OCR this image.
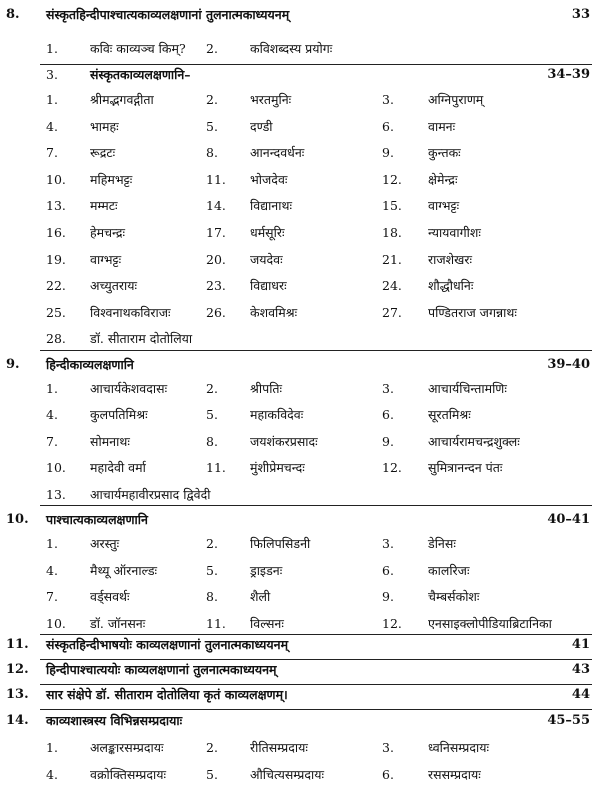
8. संस्कृतहिन्दीपाश्चात्यकाव्यलक्षणानां तुलनात्मकाध्ययनम्	33
1.	कविः काव्यञ्च किम्? 2.	कविशब्दस्य प्रयोगः
3.	संस्कृतकाव्यलक्षणानि–	34–39
1.	श्रीमद्भगवद्गीता	2.	भरतमुनिः	3.	अग्निपुराणम्
4.	भामहः	5.	दण्डी	6.	वामनः
7.	रूद्रटः	8.	आनन्दवर्धनः	9.	कुन्तकः
10. महिमभट्टः	11. भोजदेवः	12. क्षेमेन्द्रः
13. मम्मटः	14. विद्यानाथः	15. वाग्भट्टः
16. हेमचन्द्रः	17. धर्मसूरिः	18. न्यायवागीशः
19. वाग्भट्टः	20. जयदेवः	21. राजशेखरः
22. अच्युतरायः	23. विद्याधरः	24. शौद्धौधनिः
25. विश्वनाथकविराजः	26. केशवमिश्रः	27. पण्डितराज जगन्नाथः
28. डॉ. सीताराम दोतोलिया
9. हिन्दीकाव्यलक्षणानि	39–40
1.	आचार्यकेशवदासः	2.	श्रीपतिः	3.	आचार्यचिन्तामणिः
4.	कुलपतिमिश्रः	5.	महाकविदेवः	6.	सूरतमिश्रः
7.	सोमनाथः	8.	जयशंकरप्रसादः	9.	आचार्यरामचन्द्रशुक्लः
10. महादेवी वर्मा	11. मुंशीप्रेमचन्दः	12. सुमित्रानन्दन पंतः
13. आचार्यमहावीरप्रसाद द्विवेदी
10. पाश्चात्यकाव्यलक्षणानि	40–41
1.	अरस्तुः	2.	फिलिपसिडनी	3.	डेनिसः
4.	मैथ्यू ऑरनाल्डः	5.	ड्राइडनः	6.	कालरिजः
7.	वर्ड्सवर्थः	8.	शैली	9.	चैम्बर्सकोशः
10. डॉ. जॉनसनः	11. विल्सनः	12. एनसाइक्लोपीडियाब्रिटानिका
11. संस्कृतहिन्दीभाषयोः काव्यलक्षणानां तुलनात्मकाध्ययनम्	41
12. हिन्दीपाश्चात्ययोः काव्यलक्षणानां तुलनात्मकाध्ययनम्	43
13. सार संक्षेपे डॉ. सीताराम दोतोलिया कृतं काव्यलक्षणम्।	44
14. काव्यशास्त्रस्य विभिन्नसम्प्रदायाः	45–55
1.	अलङ्कारसम्प्रदायः	2.	रीतिसम्प्रदायः	3.	ध्वनिसम्प्रदायः
4.	वक्रोक्तिसम्प्रदायः	5.	औचित्यसम्प्रदायः	6.	रससम्प्रदायः
